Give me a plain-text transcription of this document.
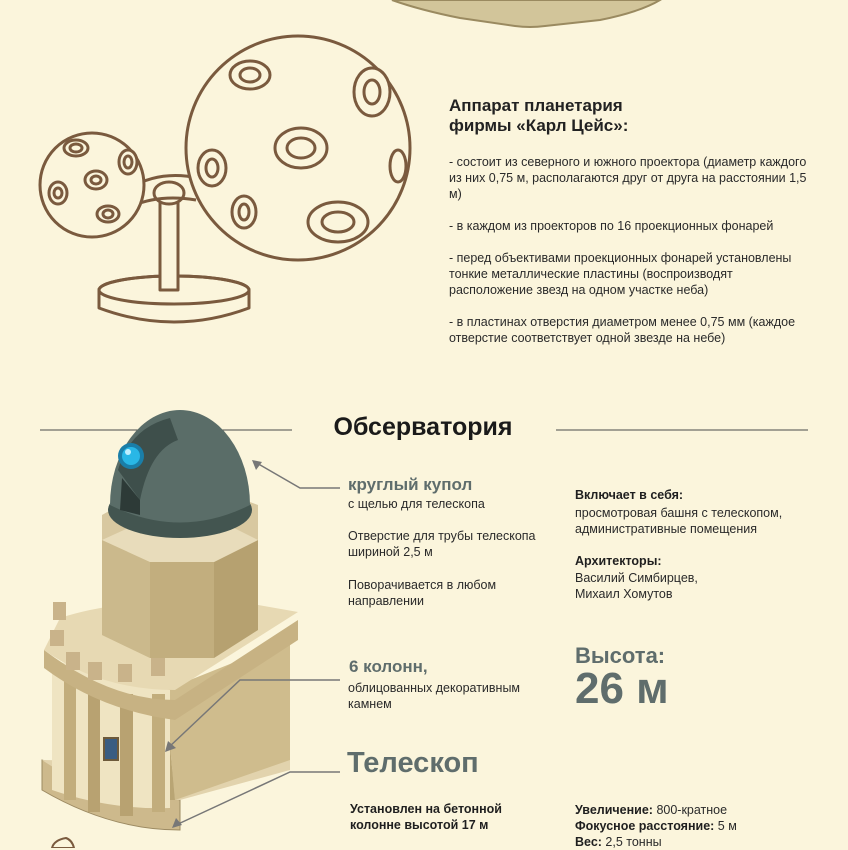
Аппарат планетария
фирмы «Карл Цейс»:

- состоит из северного и южного проектора (диаметр каждого из них 0,75 м, располагаются друг от друга на расстоянии 1,5 м)

- в каждом из проекторов по 16 проекционных фонарей

- перед объективами проекционных фонарей установлены тонкие металлические пластины (воспроизводят расположение звезд на одном участке неба)

- в пластинах отверстия диаметром менее 0,75 мм (каждое отверстие соответствует одной звезде на небе)

Обсерватория
круглый купол
с щелью для телескопа
Отверстие для трубы телескопа шириной 2,5 м
Поворачивается в любом направлении
Включает в себя:
просмотровая башня с телескопом, административные помещения
Архитекторы:
Василий Симбирцев,
Михаил Хомутов
6 колонн,
облицованных декоративным камнем
Высота:
26 м
Телескоп
Установлен на бетонной колонне высотой 17 м
Увеличение: 800-кратное
Фокусное расстояние: 5 м
Вес: 2,5 тонны
